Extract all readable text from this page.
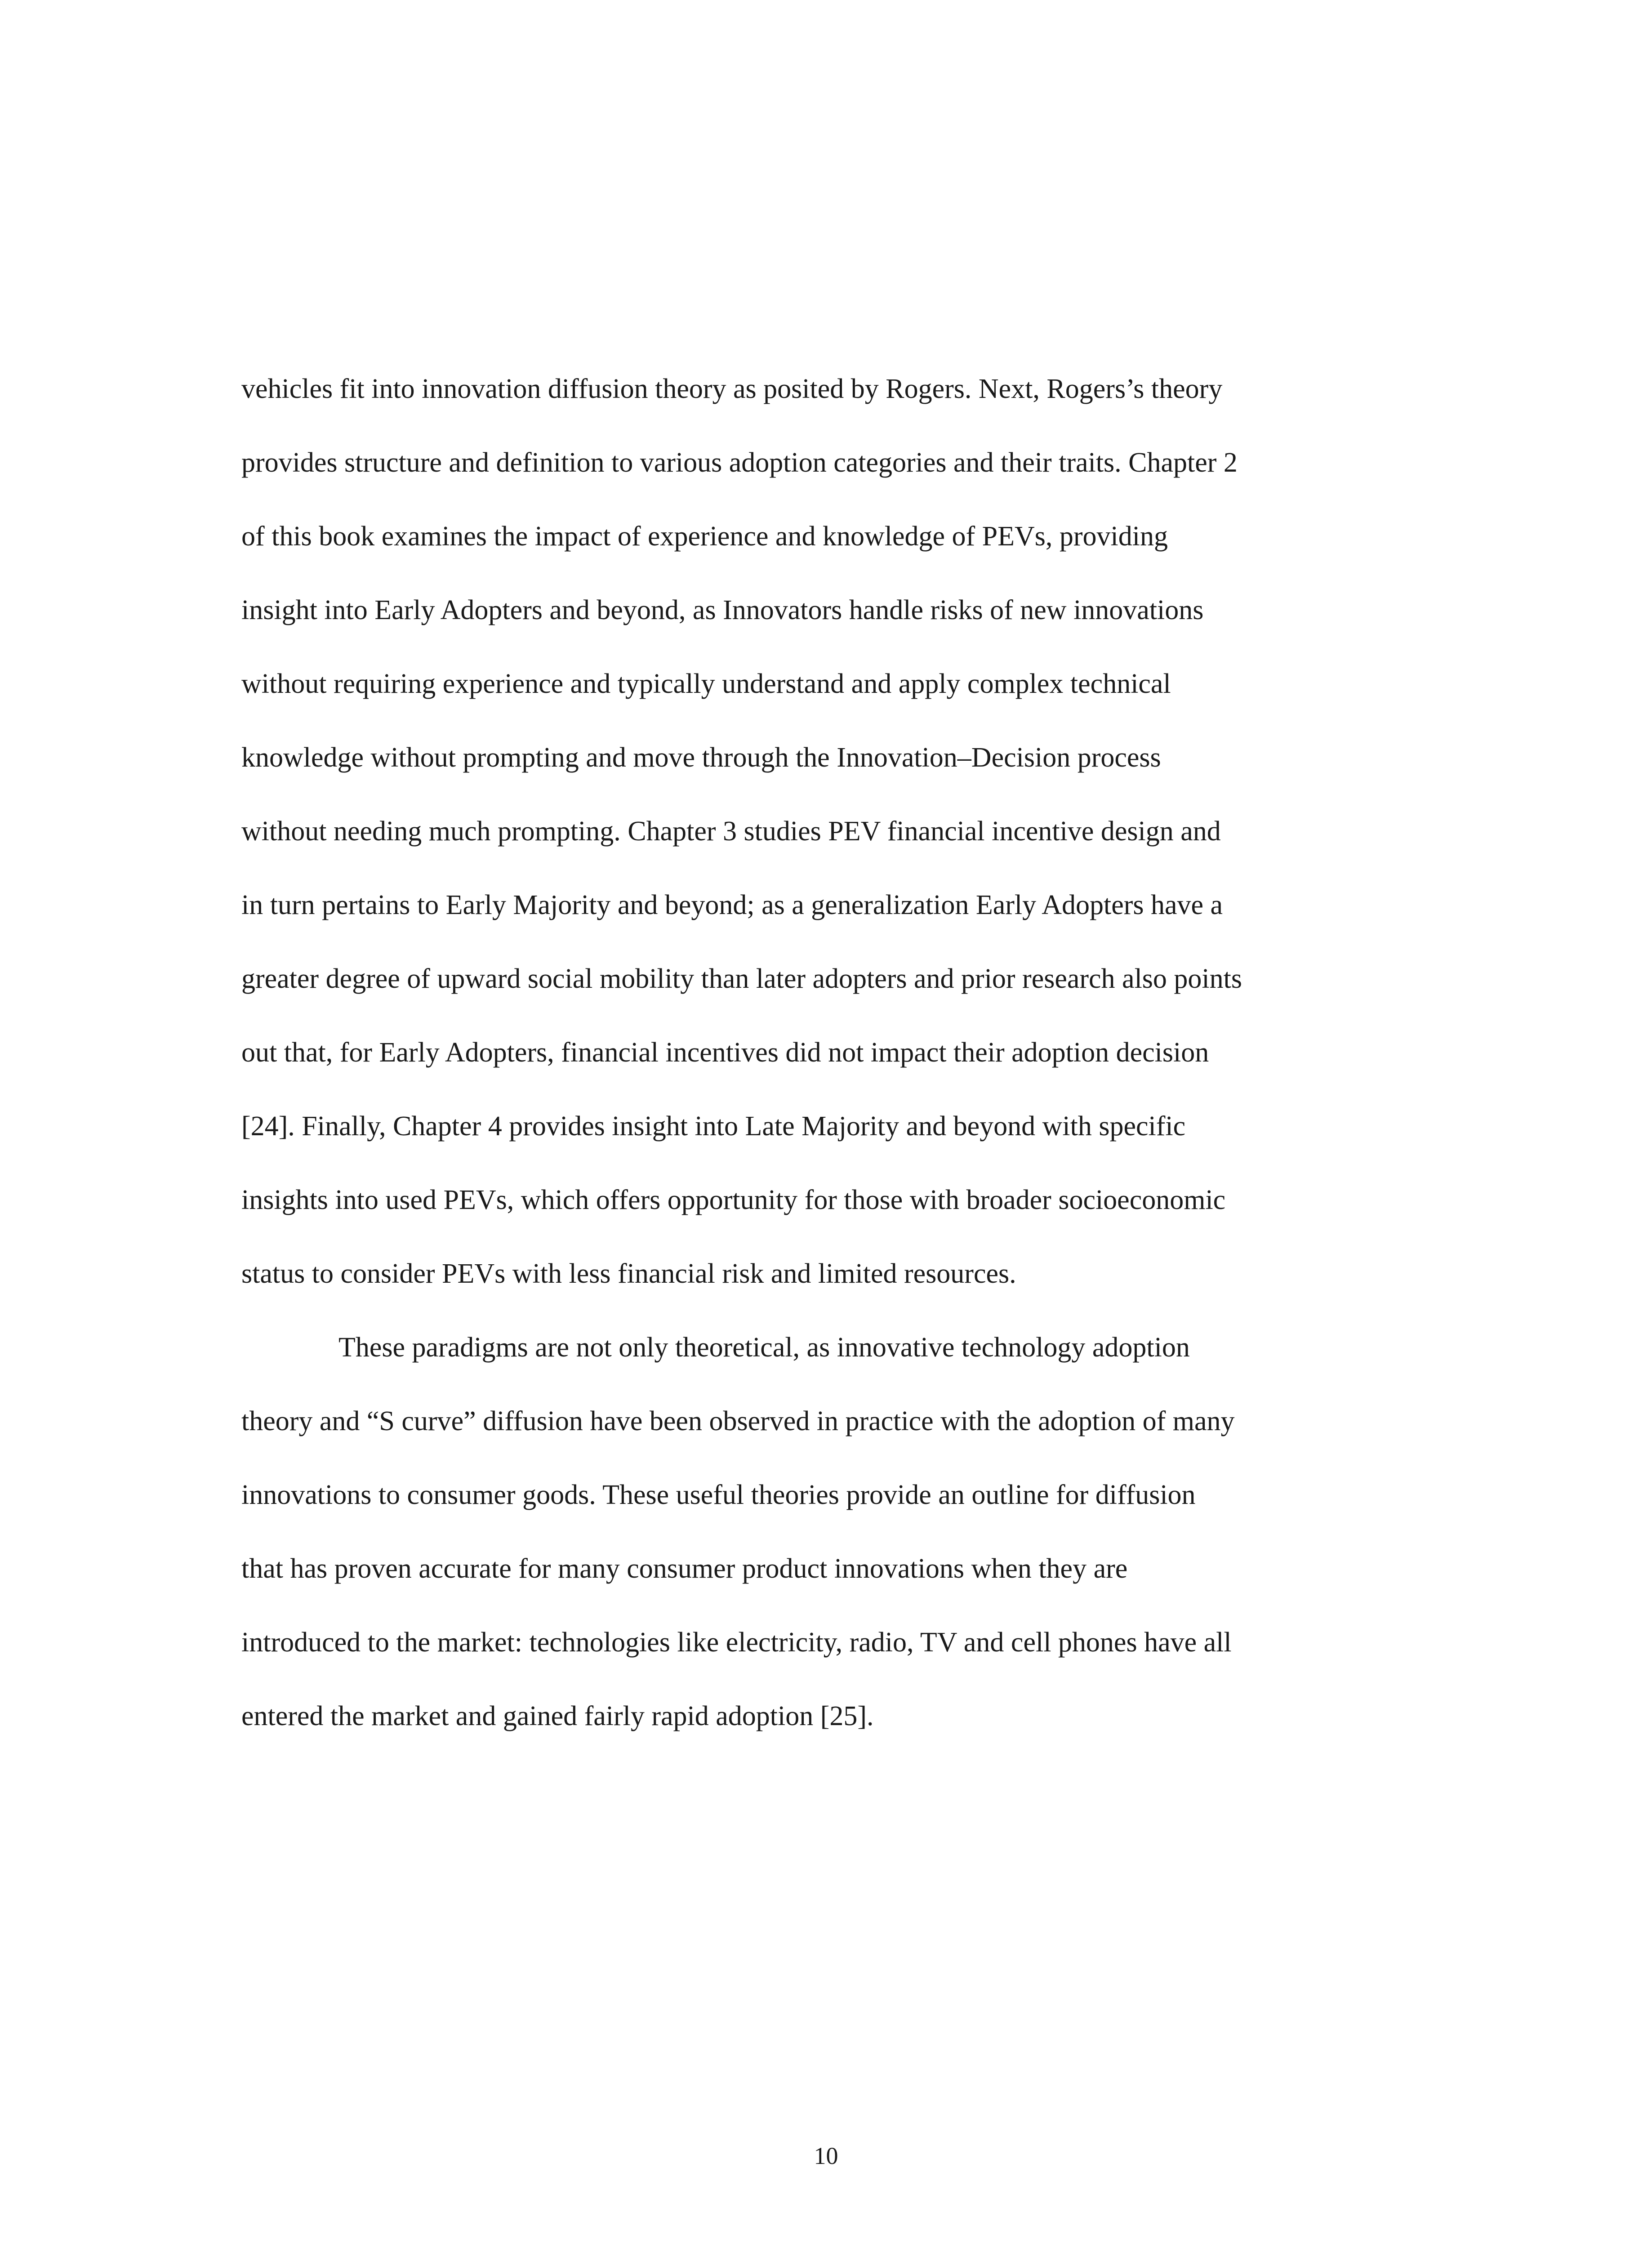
vehicles fit into innovation diffusion theory as posited by Rogers. Next, Rogers’s theory

provides structure and definition to various adoption categories and their traits. Chapter 2

of this book examines the impact of experience and knowledge of PEVs, providing

insight into Early Adopters and beyond, as Innovators handle risks of new innovations

without requiring experience and typically understand and apply complex technical

knowledge without prompting and move through the Innovation–Decision process

without needing much prompting. Chapter 3 studies PEV financial incentive design and

in turn pertains to Early Majority and beyond; as a generalization Early Adopters have a

greater degree of upward social mobility than later adopters and prior research also points

out that, for Early Adopters, financial incentives did not impact their adoption decision

[24]. Finally, Chapter 4 provides insight into Late Majority and beyond with specific

insights into used PEVs, which offers opportunity for those with broader socioeconomic

status to consider PEVs with less financial risk and limited resources.

These paradigms are not only theoretical, as innovative technology adoption

theory and “S curve” diffusion have been observed in practice with the adoption of many

innovations to consumer goods. These useful theories provide an outline for diffusion

that has proven accurate for many consumer product innovations when they are

introduced to the market: technologies like electricity, radio, TV and cell phones have all

entered the market and gained fairly rapid adoption [25].

10
